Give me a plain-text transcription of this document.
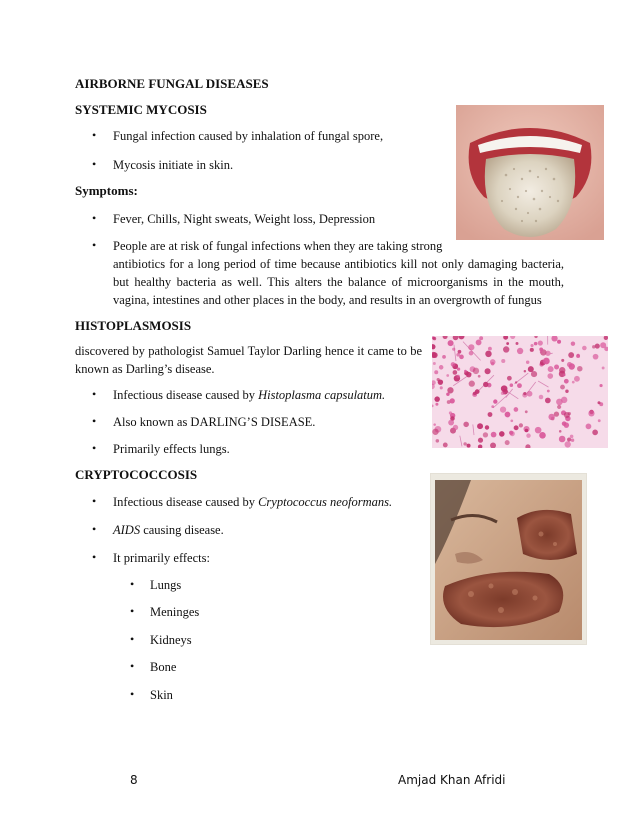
AIRBORNE FUNGAL DISEASES
SYSTEMIC MYCOSIS
• Fungal infection caused by inhalation of fungal spore,
• Mycosis initiate in skin.
Symptoms:
• Fever, Chills, Night sweats, Weight loss, Depression
• People are at risk of fungal infections when they are taking strong
antibiotics for a long period of time because antibiotics kill not only damaging bacteria,
but healthy bacteria as well. This alters the balance of microorganisms in the mouth,
vagina, intestines and other places in the body, and results in an overgrowth of fungus
HISTOPLASMOSIS
discovered by pathologist Samuel Taylor Darling hence it came to be
known as Darling’s disease.
• Infectious disease caused by Histoplasma capsulatum.
• Also known as DARLING’S DISEASE.
• Primarily effects lungs.
CRYPTOCOCCOSIS
• Infectious disease caused by Cryptococcus neoformans.
• AIDS causing disease.
• It primarily effects:
• Lungs
• Meninges
• Kidneys
• Bone
• Skin
8	Amjad Khan Afridi
